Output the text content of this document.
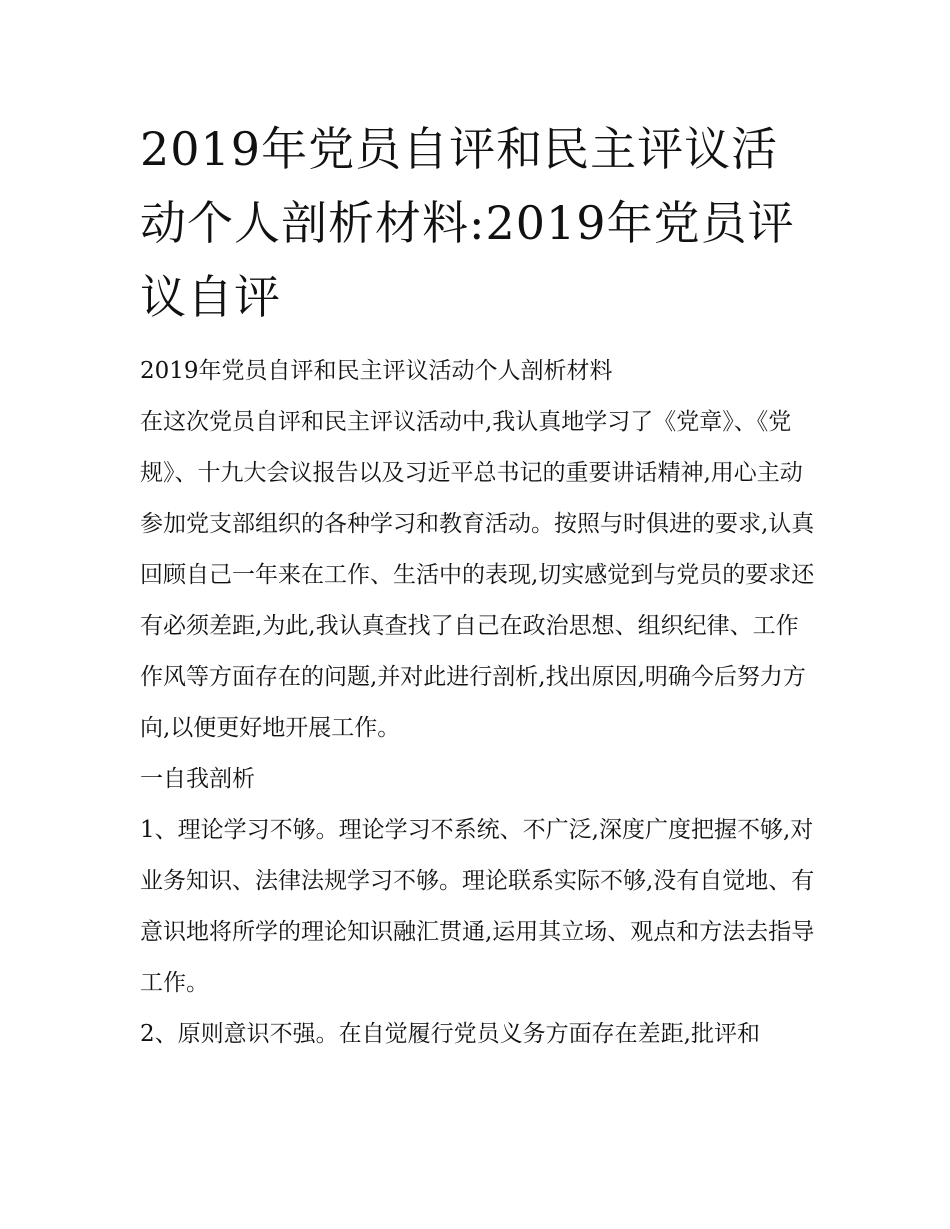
2019年党员自评和民主评议活动个人剖析材料:2019年党员评议自评

2019年党员自评和民主评议活动个人剖析材料

在这次党员自评和民主评议活动中,我认真地学习了《党章》、《党规》、十九大会议报告以及习近平总书记的重要讲话精神,用心主动参加党支部组织的各种学习和教育活动。按照与时俱进的要求,认真回顾自己一年来在工作、生活中的表现,切实感觉到与党员的要求还有必须差距,为此,我认真查找了自己在政治思想、组织纪律、工作作风等方面存在的问题,并对此进行剖析,找出原因,明确今后努力方向,以便更好地开展工作。

一自我剖析

1、理论学习不够。理论学习不系统、不广泛,深度广度把握不够,对业务知识、法律法规学习不够。理论联系实际不够,没有自觉地、有意识地将所学的理论知识融汇贯通,运用其立场、观点和方法去指导工作。

2、原则意识不强。在自觉履行党员义务方面存在差距,批评和
